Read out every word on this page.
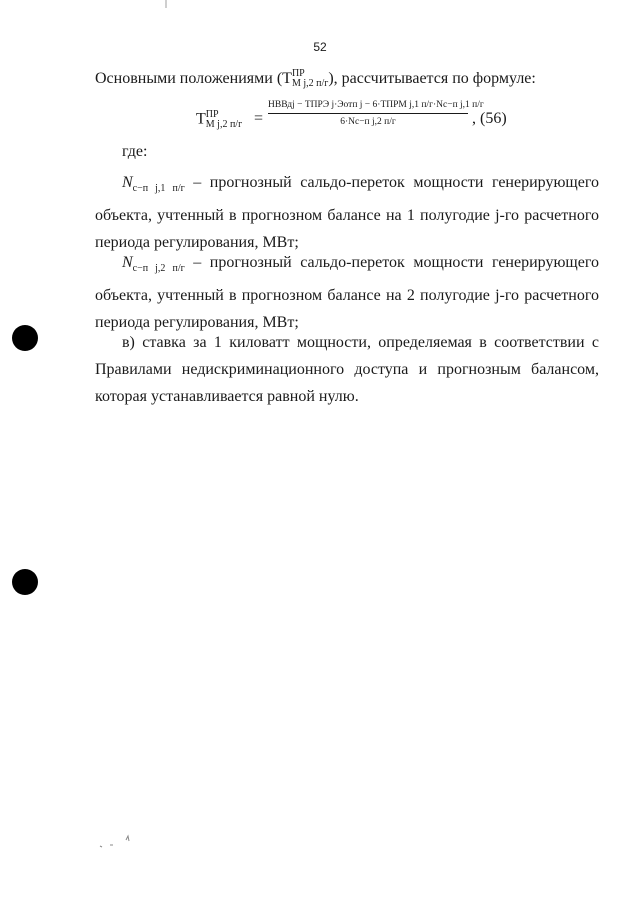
52
Основными положениями (Т ПР
М j,2 п/г ), рассчитывается по формуле:
Т ПР
М j,2 п/г =
НВВдj − ТПРЭ j·Эотп j − 6·ТПРМ j,1 п/г·Nс−п j,1 п/г
6·Nс−п j,2 п/г	, (56)
где:

$N_{с-п j,1 п/г}$ – прогнозный сальдо-переток мощности генерирующего объекта, учтенный в прогнозном балансе на 1 полугодие j-го расчетного периода регулирования, МВт;

$N_{с-п j,2 п/г}$ – прогнозный сальдо-переток мощности генерирующего объекта, учтенный в прогнозном балансе на 2 полугодие j-го расчетного периода регулирования, МВт;

в) ставка за 1 киловатт мощности, определяемая в соответствии с Правилами недискриминационного доступа и прогнозным балансом, которая устанавливается равной нулю.
